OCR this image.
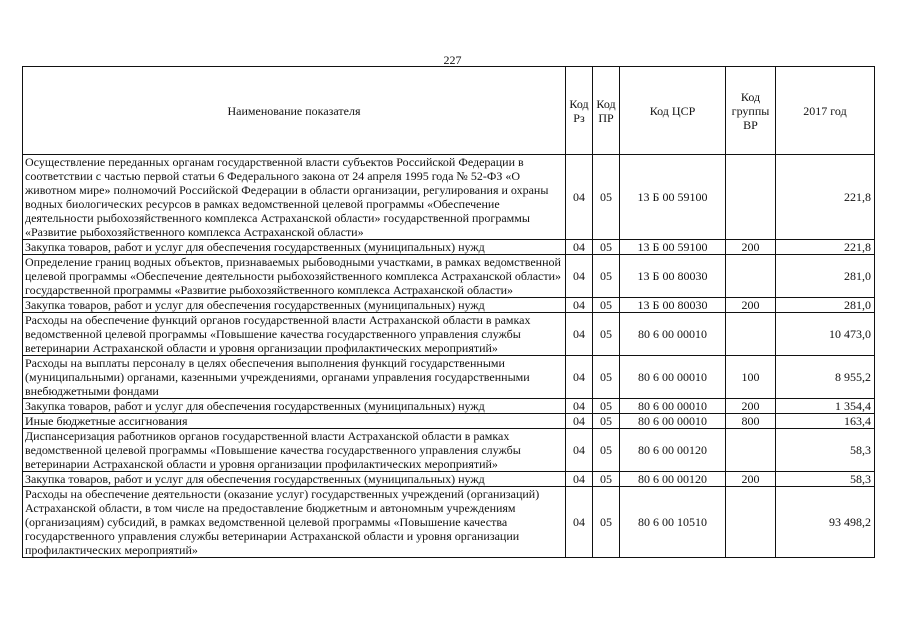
227
Наименование показателя	Код Рз	Код ПР	Код ЦСР	Код группы ВР	2017 год
Осуществление переданных органам государственной власти субъектов Российской Федерации в соответствии с частью первой статьи 6 Федерального закона от 24 апреля 1995 года № 52-ФЗ «О животном мире» полномочий Российской Федерации в области организации, регулирования и охраны водных биологических ресурсов в рамках ведомственной целевой программы «Обеспечение деятельности рыбохозяйственного комплекса Астраханской области» государственной программы «Развитие рыбохозяйственного комплекса Астраханской области»	04	05	13 Б 00 59100		221,8
Закупка товаров, работ и услуг для обеспечения государственных (муниципальных) нужд	04	05	13 Б 00 59100	200	221,8
Определение границ водных объектов, признаваемых рыбоводными участками, в рамках ведомственной целевой программы «Обеспечение деятельности рыбохозяйственного комплекса Астраханской области» государственной программы «Развитие рыбохозяйственного комплекса Астраханской области»	04	05	13 Б 00 80030		281,0
Закупка товаров, работ и услуг для обеспечения государственных (муниципальных) нужд	04	05	13 Б 00 80030	200	281,0
Расходы на обеспечение функций органов государственной власти Астраханской области в рамках ведомственной целевой программы «Повышение качества государственного управления службы ветеринарии Астраханской области и уровня организации профилактических мероприятий»	04	05	80 6 00 00010		10 473,0
Расходы на выплаты персоналу в целях обеспечения выполнения функций государственными (муниципальными) органами, казенными учреждениями, органами управления государственными внебюджетными фондами	04	05	80 6 00 00010	100	8 955,2
Закупка товаров, работ и услуг для обеспечения государственных (муниципальных) нужд	04	05	80 6 00 00010	200	1 354,4
Иные бюджетные ассигнования	04	05	80 6 00 00010	800	163,4
Диспансеризация работников органов государственной власти Астраханской области в рамках ведомственной целевой программы «Повышение качества государственного управления службы ветеринарии Астраханской области и уровня организации профилактических мероприятий»	04	05	80 6 00 00120		58,3
Закупка товаров, работ и услуг для обеспечения государственных (муниципальных) нужд	04	05	80 6 00 00120	200	58,3
Расходы на обеспечение деятельности (оказание услуг) государственных учреждений (организаций) Астраханской области, в том числе на предоставление бюджетным и автономным учреждениям (организациям) субсидий, в рамках ведомственной целевой программы «Повышение качества государственного управления службы ветеринарии Астраханской области и уровня организации профилактических мероприятий»	04	05	80 6 00 10510		93 498,2
